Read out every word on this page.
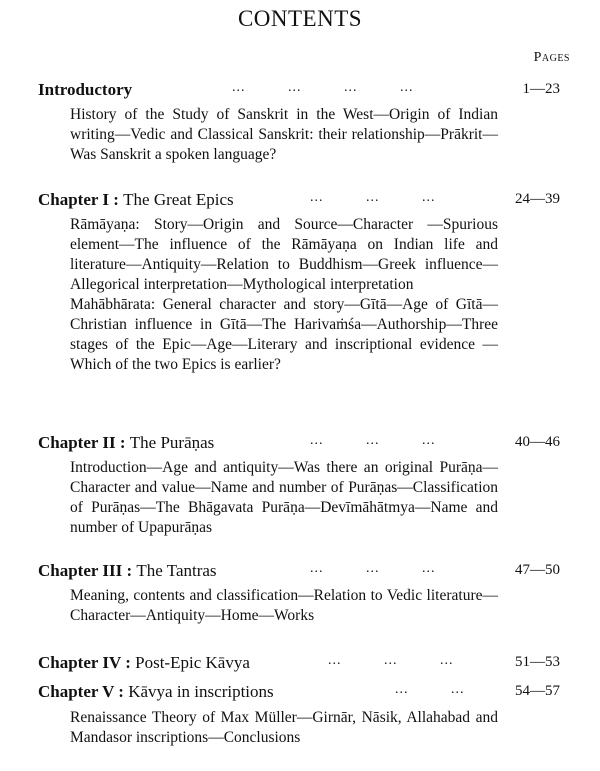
CONTENTS
Pages
Introductory	... ... ... ...	1—23

History of the Study of Sanskrit in the West—Origin of Indian writing—Vedic and Classical Sanskrit: their relationship—Prākrit—Was Sanskrit a spoken language?

Chapter I : The Great Epics	... ... ...	24—39

Rāmāyaṇa: Story—Origin and Source—Character —Spurious element—The influence of the Rāmāyaṇa on Indian life and literature—Antiquity—Relation to Buddhism—Greek influence—Allegorical interpretation—Mythological interpretation

Mahābhārata: General character and story—Gītā—Age of Gītā—Christian influence in Gītā—The Harivaṁśa—Authorship—Three stages of the Epic—Age—Literary and inscriptional evidence —Which of the two Epics is earlier?

Chapter II : The Purāṇas	... ... ...	40—46

Introduction—Age and antiquity—Was there an original Purāṇa—Character and value—Name and number of Purāṇas—Classification of Purāṇas—The Bhāgavata Purāṇa—Devīmāhātmya—Name and number of Upapurāṇas

Chapter III : The Tantras	... ... ...	47—50

Meaning, contents and classification—Relation to Vedic literature—Character—Antiquity—Home—Works

Chapter IV : Post-Epic Kāvya	... ... ...	51—53
Chapter V : Kāvya in inscriptions	... ...	54—57

Renaissance Theory of Max Müller—Girnār, Nāsik, Allahabad and Mandasor inscriptions—Conclusions
